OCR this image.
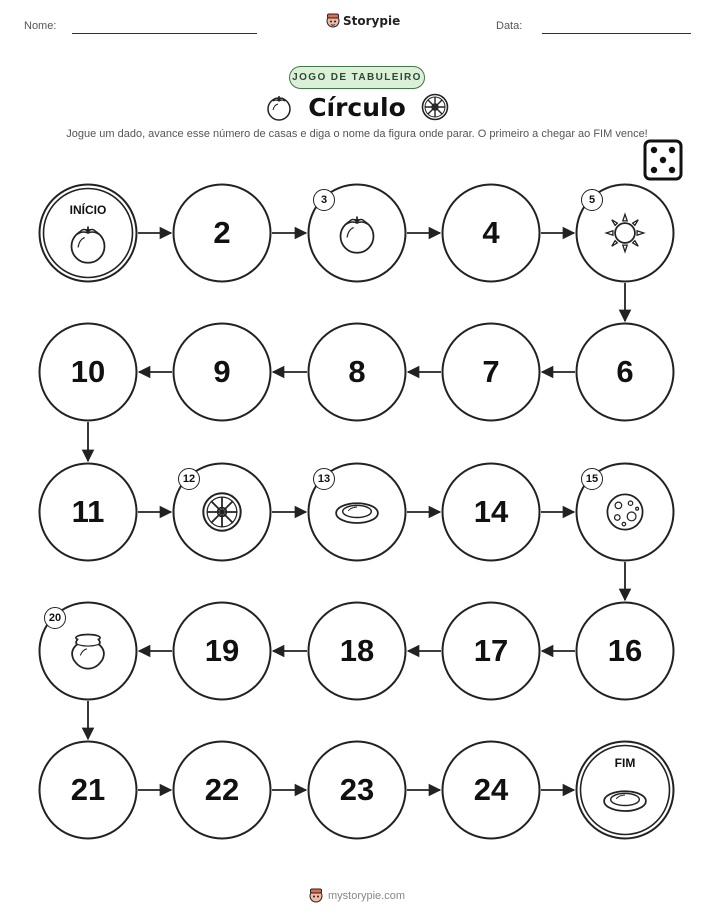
Nome:	Storypie	Data:
JOGO DE TABULEIRO
Círculo

Jogue um dado, avance esse número de casas e diga o nome da figura onde parar. O primeiro a chegar ao FIM vence!

INÍCIO
2
3
4
5
6
7
8
9
10
11
12	13
14
15
16
17
18
19
20
21	22	23	24
FIM
mystorypie.com
